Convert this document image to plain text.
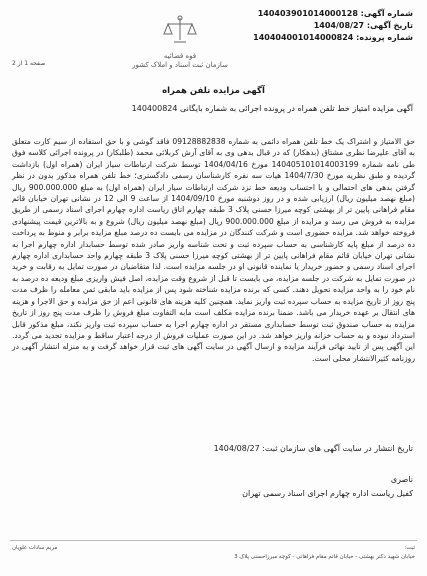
شماره آگهی: 140403901014000128
تاریخ آگهی: 1404/08/27
شماره پرونده: 140404001014000824
قوه قضائیه
سازمان ثبت اسناد و املاک کشور
صفحه 1 از 2
آگهی مزایده تلفن همراه
آگهی مزایده امتیاز خط تلفن همراه در پرونده اجرائی به شماره بایگانی 140400824
حق الامتیاز و اشتراک یک خط تلفن همراه دائمی به شماره 09128882838 فاقد گوشی و با حق استفاده از سیم کارت متعلق به آقای علیرضا نظری مشتاق (بدهکار) که در قبال بدهی وی به آقای آرش کربلائی محمد (طلبکار) در پرونده اجرائی کلاسه فوق طی نامه شماره 140405101014003199 مورخ 1404/04/16 توسط شرکت ارتباطات سیار ایران (همراه اول) بازداشت گردیده و طبق نظریه مورخ 1404/7/30 هیات سه نفره کارشناسان رسمی دادگستری؛ خط تلفن همراه مذکور بدون در نظر گرفتن بدهی های احتمالی و با احتساب ودیعه خط نزد شرکت ارتباطات سیار ایران (همراه اول) به مبلغ 900.000.000 ریال (مبلغ نهصد میلیون ریال) ارزیابی شده و در روز دوشنبه مورخ 1404/09/10 از ساعت 9 الی 12 در نشانی تهران خیابان قائم مقام فراهانی پایین تر از بهشتی کوچه میرزا حسنی پلاک 3 طبقه چهارم اتاق ریاست اداره چهارم اجرای اسناد رسمی از طریق مزایده به فروش می رسد و مزایده از مبلغ 900.000.000 ریال (مبلغ نهصد میلیون ریال) شروع و به بالاترین قیمت پیشنهادی فروخته خواهد شد. مزایده حضوری است و شرکت کنندگان در مزایده می بایست ده درصد مبلغ مزایده برابر و منوط به پرداخت ده درصد از مبلغ پایه کارشناسی به حساب سپرده ثبت و تحت شناسه واریز صادر شده توسط حسابدار اداره چهارم اجرا به نشانی تهران خیابان قائم مقام فراهانی پایین تر از بهشتی کوچه میرزا حسنی پلاک 3 طبقه چهارم واحد حسابداری اداره چهارم اجرای اسناد رسمی و حضور خریدار یا نماینده قانونی او در جلسه مزایده است. لذا متقاضیان در صورت تمایل به رقابت و خرید در صورت تمایل به شرکت در جلسه مزایده، می بایست تا قبل از شروع وقت مزایده، اصل فیش واریزی مبلغ ودیعه ده درصد به نام خود را به واحد مزایده تحویل دهند. کسی که برنده مزایده شناخته شود پس از مزایده باید مابقی ثمن معامله را ظرف مدت پنج روز از تاریخ مزایده به حساب سپرده ثبت واریز نماید. همچنین کلیه هزینه های قانونی اعم از حق مزایده و حق الاجرا و هزینه های انتقال بر عهده خریدار می باشد. ضمنا برنده مزایده مکلف است مابه التفاوت مبلغ فروش را ظرف مدت پنج روز از تاریخ مزایده به حساب صندوق ثبت توسط حسابداری مستقر در اداره چهارم اجرا به حساب سپرده ثبت واریز نکند، مبلغ مذکور قابل استرداد نبوده و به حساب خزانه واریز خواهد شد. در این صورت عملیات فروش از درجه اعتبار ساقط و مزایده تجدید می گردد. این آگهی پس از تایید نهائی فرآیند مزایده و ارسال آگهی در سایت آگهی های ثبت قرار خواهد گرفت و به منزله انتشار آگهی در روزنامه کثیرالانتشار محلی است.
تاریخ انتشار در سایت آگهی های سازمان ثبت: 1404/08/27
ناصری
کفیل ریاست اداره چهارم اجرای اسناد رسمی تهران
ثبت:
مریم سادات علویان
خیابان شهید دکتر بهشتی - خیابان قائم مقام فراهانی - کوچه میرزاحسنی پلاک 3
